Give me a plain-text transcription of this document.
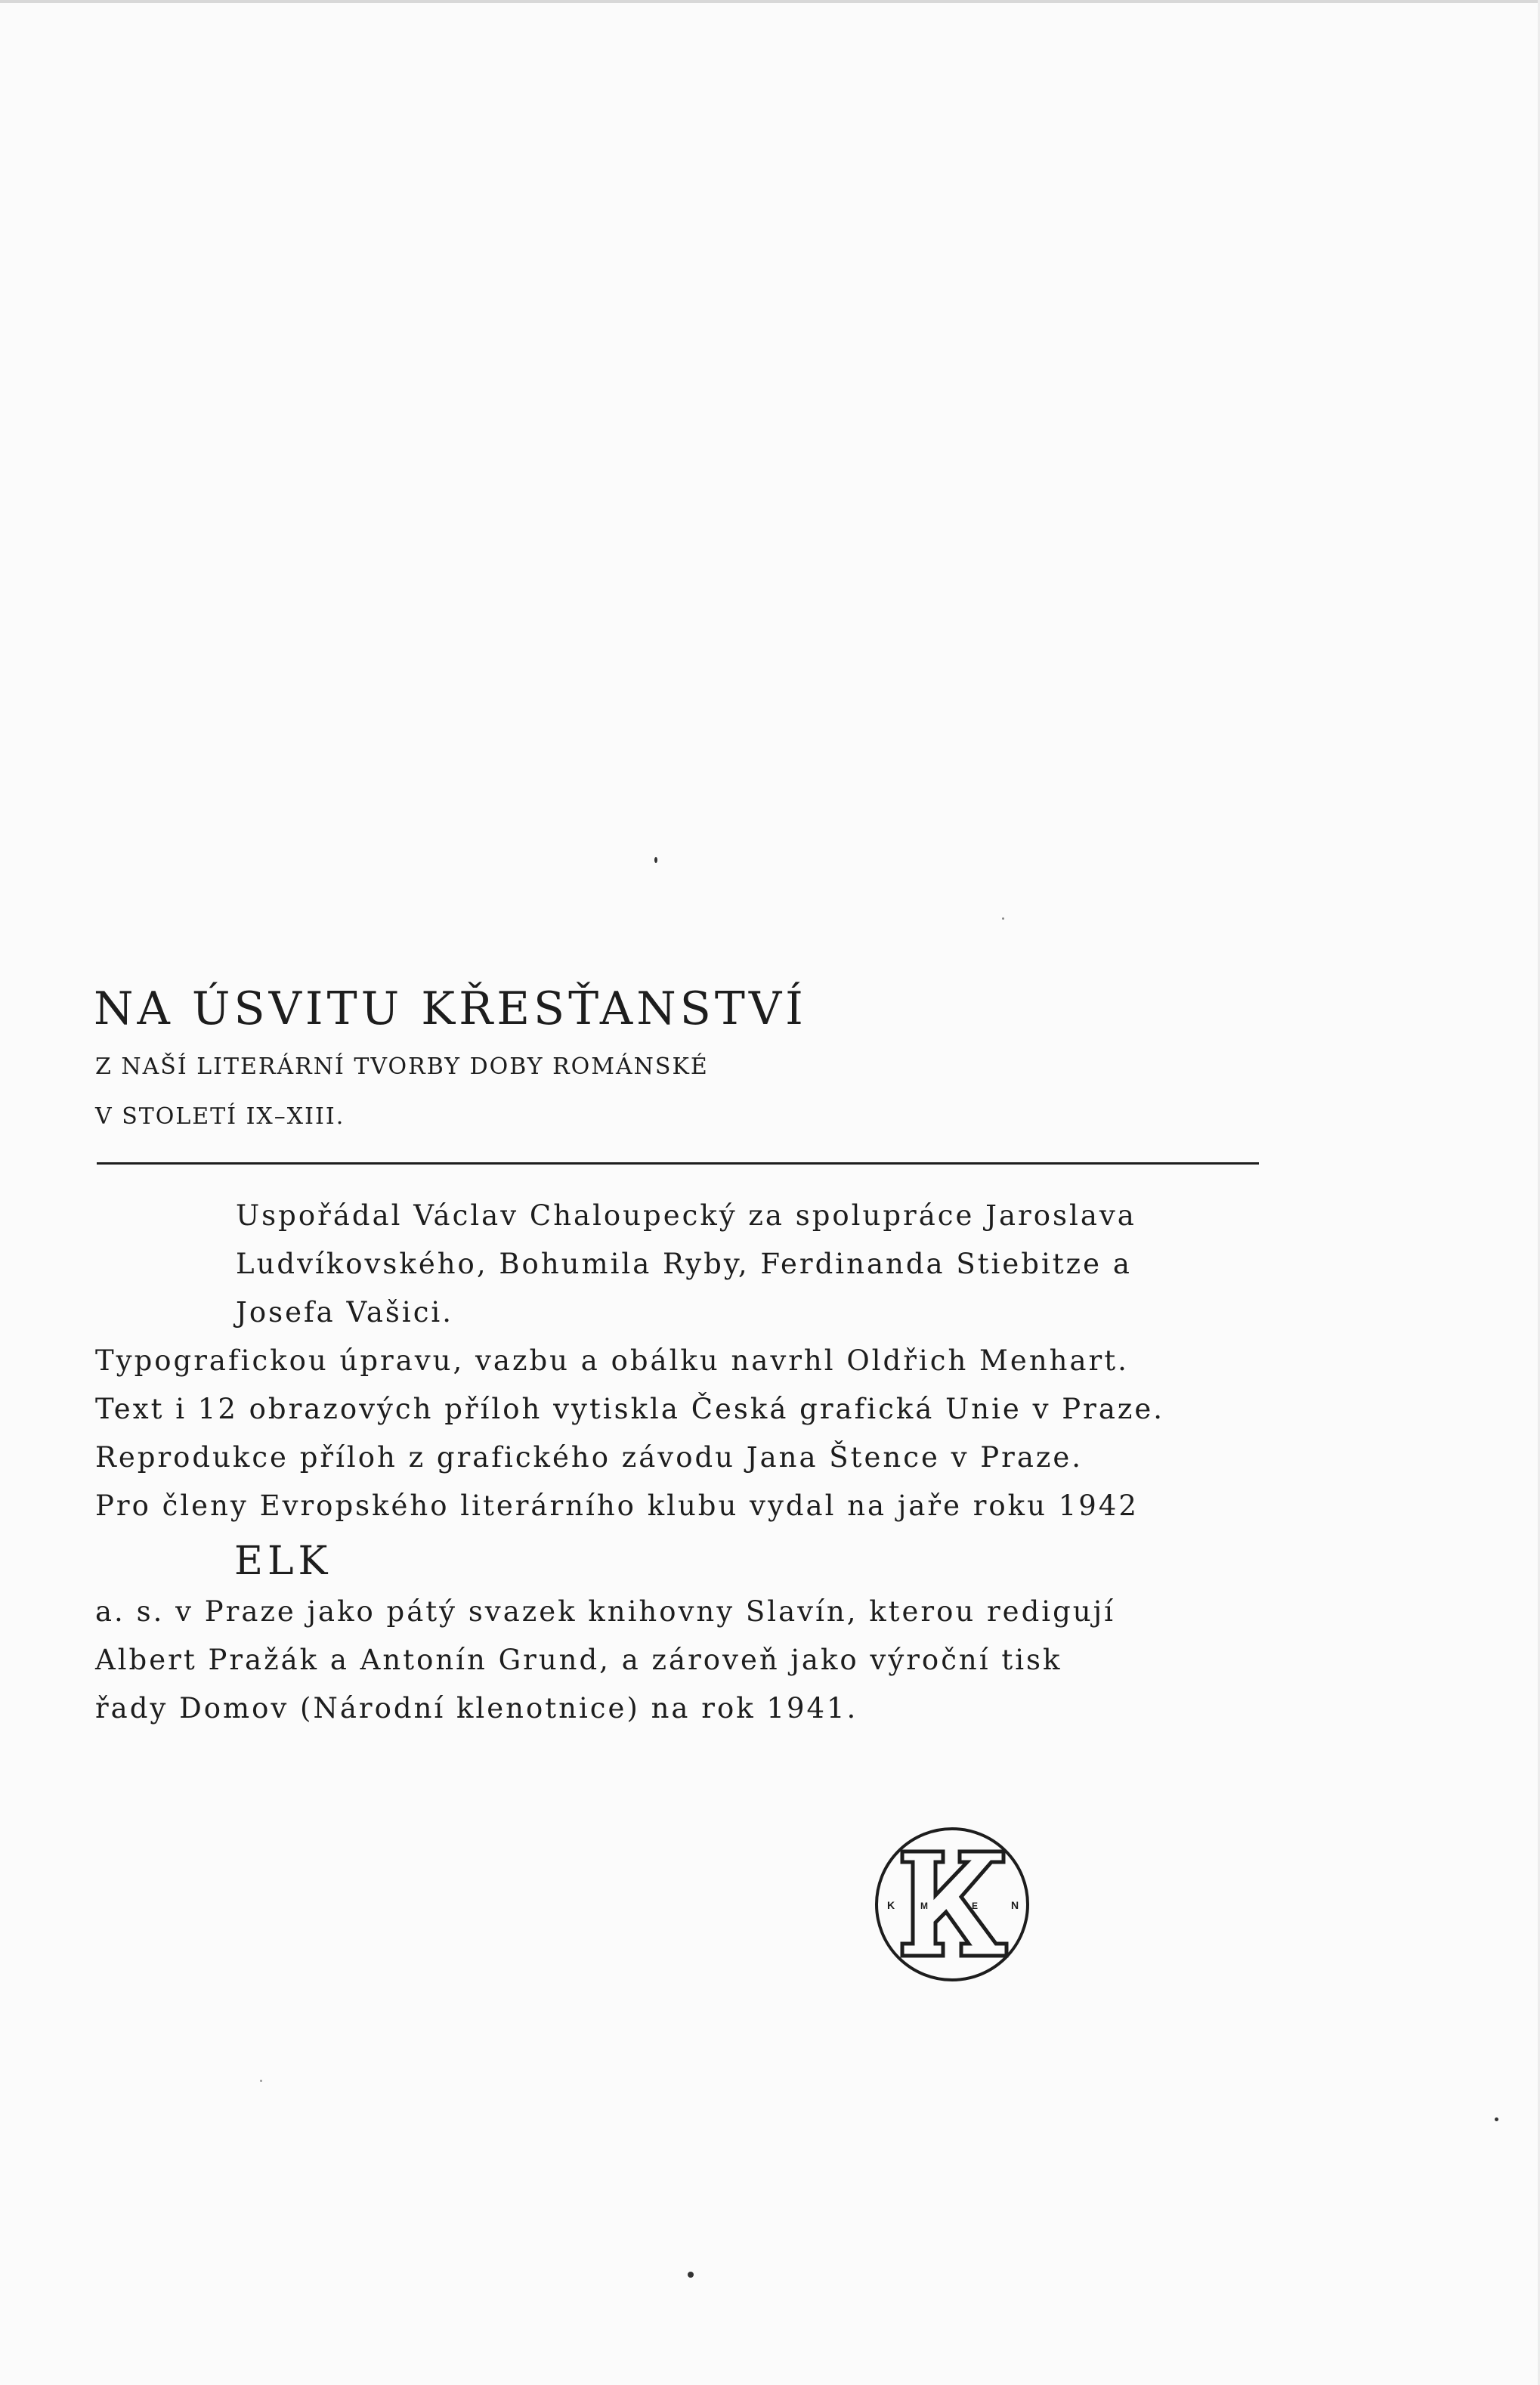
NA ÚSVITU KŘESŤANSTVÍ
Z NAŠÍ LITERÁRNÍ TVORBY DOBY ROMÁNSKÉ
V STOLETÍ IX–XIII.
Uspořádal Václav Chaloupecký za spolupráce Jaroslava
Ludvíkovského, Bohumila Ryby, Ferdinanda Stiebitze a
Josefa Vašici.
Typografickou úpravu, vazbu a obálku navrhl Oldřich Menhart.
Text i 12 obrazových příloh vytiskla Česká grafická Unie v Praze.
Reprodukce příloh z grafického závodu Jana Štence v Praze.
Pro členy Evropského literárního klubu vydal na jaře roku 1942
ELK
a. s. v Praze jako pátý svazek knihovny Slavín, kterou redigují
Albert Pražák a Antonín Grund, a zároveň jako výroční tisk
řady Domov (Národní klenotnice) na rok 1941.
K	M	E	N
